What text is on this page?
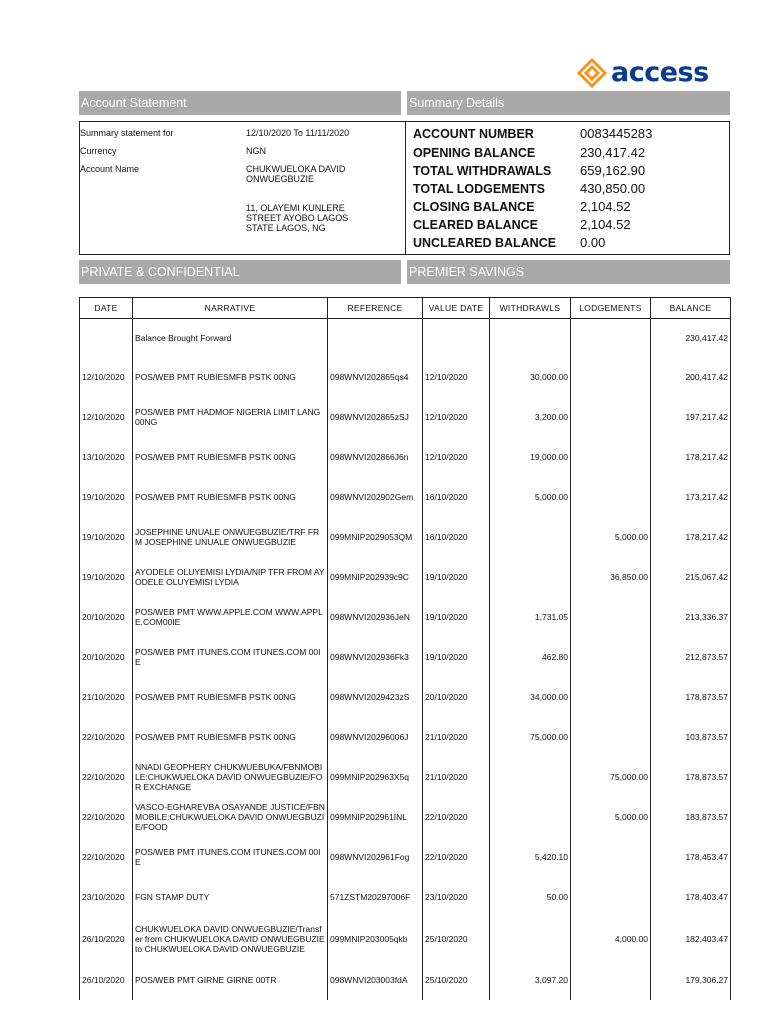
access
Account Statement	Summary Details
Summary statement for	12/10/2020 To 11/11/2020
Currency	NGN
Account Name	CHUKWUELOKA DAVID ONWUEGBUZIE
11, OLAYEMI KUNLERE STREET AYOBO LAGOS STATE LAGOS, NG
ACCOUNT NUMBER	0083445283
OPENING BALANCE	230,417.42
TOTAL WITHDRAWALS 659,162.90
TOTAL LODGEMENTS	430,850.00
CLOSING BALANCE	2,104.52
CLEARED BALANCE	2,104.52
UNCLEARED BALANCE 0.00
PRIVATE & CONFIDENTIAL	PREMIER SAVINGS
DATE	NARRATIVE	REFERENCE	VALUE DATE	WITHDRAWLS	LODGEMENTS	BALANCE
	Balance Brought Forward					230,417.42
12/10/2020	POS/WEB PMT RUBIESMFB PSTK 00NG	098WNVI202865qs4	12/10/2020	30,000.00		200,417.42
12/10/2020	POS/WEB PMT HADMOF NIGERIA LIMIT LANG 00NG	098WNVI202865zSJ	12/10/2020	3,200.00		197,217.42
13/10/2020	POS/WEB PMT RUBIESMFB PSTK 00NG	098WNVI202866J6n	12/10/2020	19,000.00		178,217.42
19/10/2020	POS/WEB PMT RUBIESMFB PSTK 00NG	098WNVI202902Gem	16/10/2020	5,000.00		173,217.42
19/10/2020	JOSEPHINE UNUALE ONWUEGBUZIE/TRF FRM JOSEPHINE UNUALE ONWUEGBUZIE	099MNIP2029053QM	16/10/2020		5,000.00	178,217.42
19/10/2020	AYODELE OLUYEMISI LYDIA/NIP TFR FROM AYODELE OLUYEMISI LYDIA	099MNIP202939c9C	19/10/2020		36,850.00	215,067.42
20/10/2020	POS/WEB PMT WWW.APPLE.COM WWW.APPLE.COM00IE	098WNVI202936JeN	19/10/2020	1,731.05		213,336.37
20/10/2020	POS/WEB PMT ITUNES.COM ITUNES.COM 00IE	098WNVI202936Fk3	19/10/2020	462.80		212,873.57
21/10/2020	POS/WEB PMT RUBIESMFB PSTK 00NG	098WNVI2029423zS	20/10/2020	34,000.00		178,873.57
22/10/2020	POS/WEB PMT RUBIESMFB PSTK 00NG	098WNVI20296006J	21/10/2020	75,000.00		103,873.57
22/10/2020	NNADI GEOPHERY CHUKWUEBUKA/FBNMOBILE:CHUKWUELOKA DAVID ONWUEGBUZIE/FOR EXCHANGE	099MNIP202963X5q	21/10/2020		75,000.00	178,873.57
22/10/2020	VASCO-EGHAREVBA OSAYANDE JUSTICE/FBNMOBILE:CHUKWUELOKA DAVID ONWUEGBUZIE/FOOD	099MNIP202961INL	22/10/2020		5,000.00	183,873.57
22/10/2020	POS/WEB PMT ITUNES.COM ITUNES.COM 00IE	098WNVI202961Fog	22/10/2020	5,420.10		178,453.47
23/10/2020	FGN STAMP DUTY	571ZSTM20297006F	23/10/2020	50.00		178,403.47
26/10/2020	CHUKWUELOKA DAVID ONWUEGBUZIE/Transfer from CHUKWUELOKA DAVID ONWUEGBUZIE to CHUKWUELOKA DAVID ONWUEGBUZIE	099MNIP203005qkb	25/10/2020		4,000.00	182,403.47
26/10/2020	POS/WEB PMT GIRNE GIRNE 00TR	098WNVI203003fdA	25/10/2020	3,097.20		179,306.27
